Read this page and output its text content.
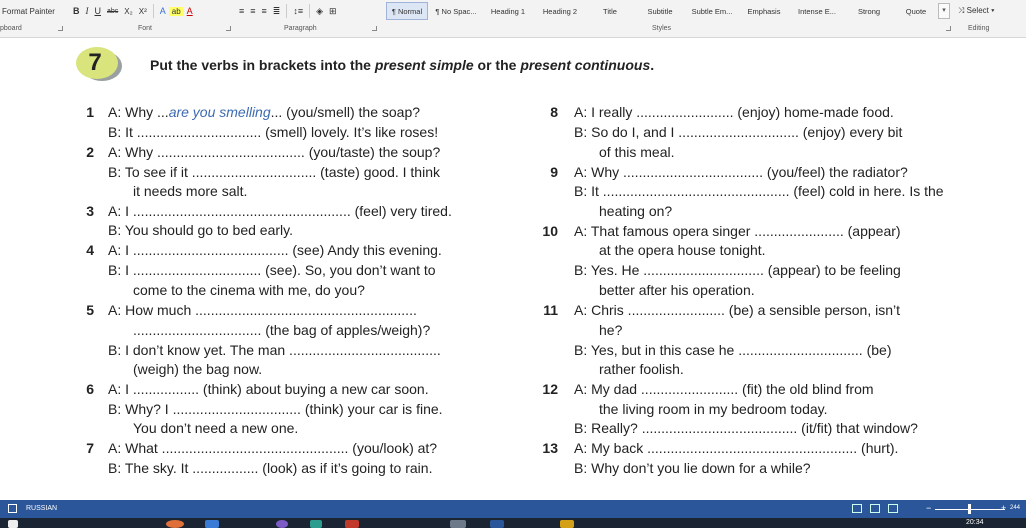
Format Painter	B I U abc X₂ X²	A ab A	≡ ≡ ≡ ≣	↕≡	◈ ⊞	¶ Normal	¶ No Spac...	Heading 1	Heading 2	Title	Subtitle	Subtle Em...	Emphasis	Intense E...	Strong	Quote	▾	⤨ Select ▾
pboard	Font	Paragraph	Styles	Editing
7	Put the verbs in brackets into the present simple or the present continuous.
1
2
3
4
5
6
7
A: Why ...are you smelling... (you/smell) the soap?
B: It ................................ (smell) lovely. It’s like roses!
A: Why ...................................... (you/taste) the soup?
B: To see if it ................................ (taste) good. I think
it needs more salt.
A: I ........................................................ (feel) very tired.
B: You should go to bed early.
A: I ........................................ (see) Andy this evening.
B: I ................................. (see). So, you don’t want to
come to the cinema with me, do you?
A: How much .........................................................
................................. (the bag of apples/weigh)?
B: I don’t know yet. The man .......................................
(weigh) the bag now.
A: I ................. (think) about buying a new car soon.
B: Why? I ................................. (think) your car is fine.
You don’t need a new one.
A: What ................................................ (you/look) at?
B: The sky. It ................. (look) as if it’s going to rain.
8
9
10
11
12
13
A: I really ......................... (enjoy) home-made food.
B: So do I, and I ............................... (enjoy) every bit
of this meal.
A: Why .................................... (you/feel) the radiator?
B: It ................................................ (feel) cold in here. Is the
heating on?
A: That famous opera singer ....................... (appear)
at the opera house tonight.
B: Yes. He ............................... (appear) to be feeling
better after his operation.
A: Chris ......................... (be) a sensible person, isn’t
he?
B: Yes, but in this case he ................................ (be)
rather foolish.
A: My dad ......................... (fit) the old blind from
the living room in my bedroom today.
B: Really? ........................................ (it/fit) that window?
A: My back ...................................................... (hurt).
B: Why don’t you lie down for a while?
RUSSIAN	−	+ 244
20:34
